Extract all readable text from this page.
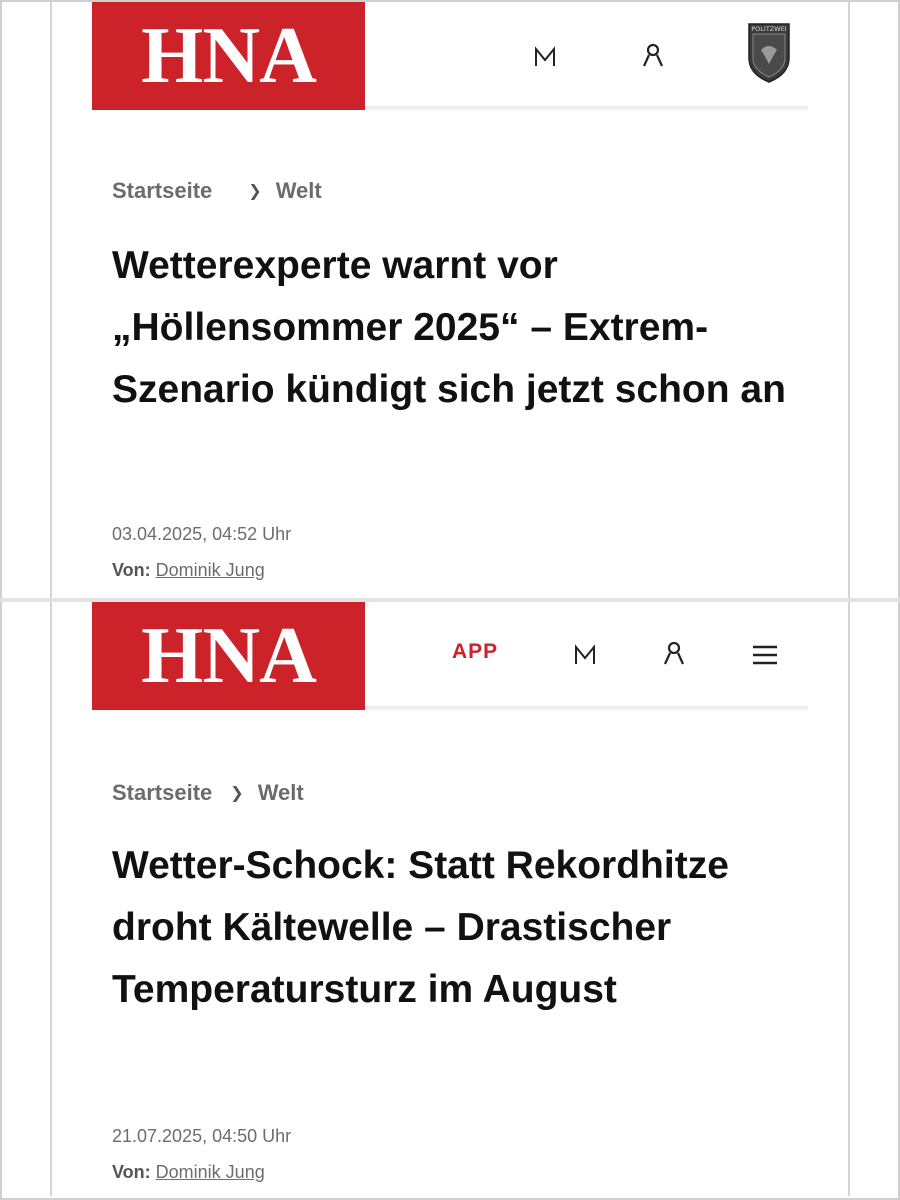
HNA	POLITZWEI
Startseite ❯ Welt
Wetterexperte warnt vor „Höllensommer 2025“ – Extrem-Szenario kündigt sich jetzt schon an
03.04.2025, 04:52 Uhr
Von: Dominik Jung
HNA	APP
Startseite ❯ Welt
Wetter-Schock: Statt Rekordhitze droht Kältewelle – Drastischer Temperatursturz im August
21.07.2025, 04:50 Uhr
Von: Dominik Jung
